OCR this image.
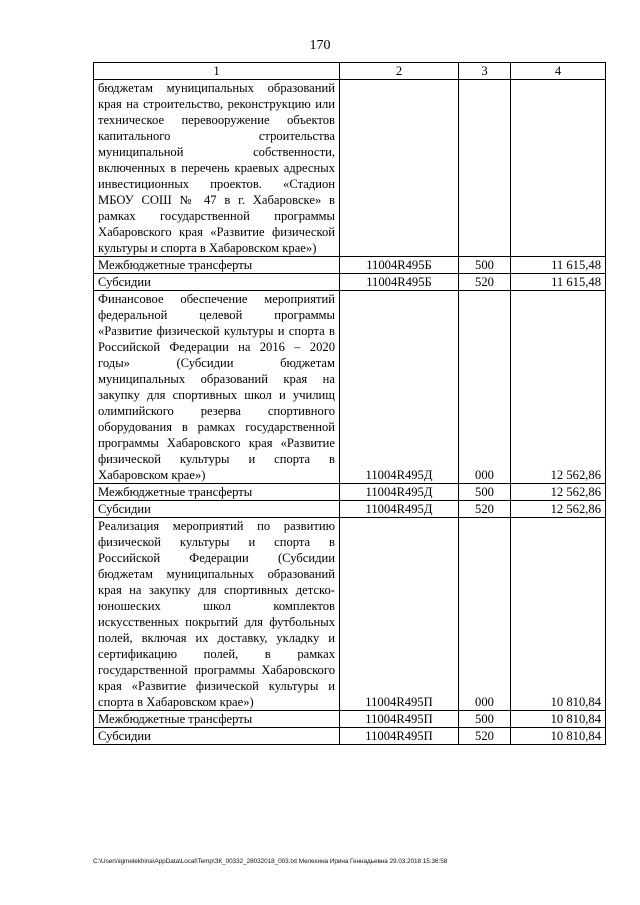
170
1	2	3	4
бюджетам муниципальных образований края на строительство, реконструкцию или техническое перевооружение объектов капитального строительства муниципальной собственности, включенных в перечень краевых адресных инвестиционных проектов. «Стадион МБОУ СОШ № 47 в г. Хабаровске» в рамках государственной программы Хабаровского края «Развитие физической культуры и спорта в Хабаровском крае»)			
Межбюджетные трансферты	11004R495Б	500	11 615,48
Субсидии	11004R495Б	520	11 615,48
Финансовое обеспечение мероприятий федеральной целевой программы «Развитие физической культуры и спорта в Российской Федерации на 2016 – 2020 годы» (Субсидии бюджетам муниципальных образований края на закупку для спортивных школ и училищ олимпийского резерва спортивного оборудования в рамках государственной программы Хабаровского края «Развитие физической культуры и спорта в Хабаровском крае»)	11004R495Д	000	12 562,86
Межбюджетные трансферты	11004R495Д	500	12 562,86
Субсидии	11004R495Д	520	12 562,86
Реализация мероприятий по развитию физической культуры и спорта в Российской Федерации (Субсидии бюджетам муниципальных образований края на закупку для спортивных детско-юношеских школ комплектов искусственных покрытий для футбольных полей, включая их доставку, укладку и сертификацию полей, в рамках государственной программы Хабаровского края «Развитие физической культуры и спорта в Хабаровском крае»)	11004R495П	000	10 810,84
Межбюджетные трансферты	11004R495П	500	10 810,84
Субсидии	11004R495П	520	10 810,84
C:\Users\igmelekhina\AppData\Local\Temp\ЗК_00332_28032018_003.txt Мелехина Ирина Геннадьевна 29.03.2018 15:36:58
